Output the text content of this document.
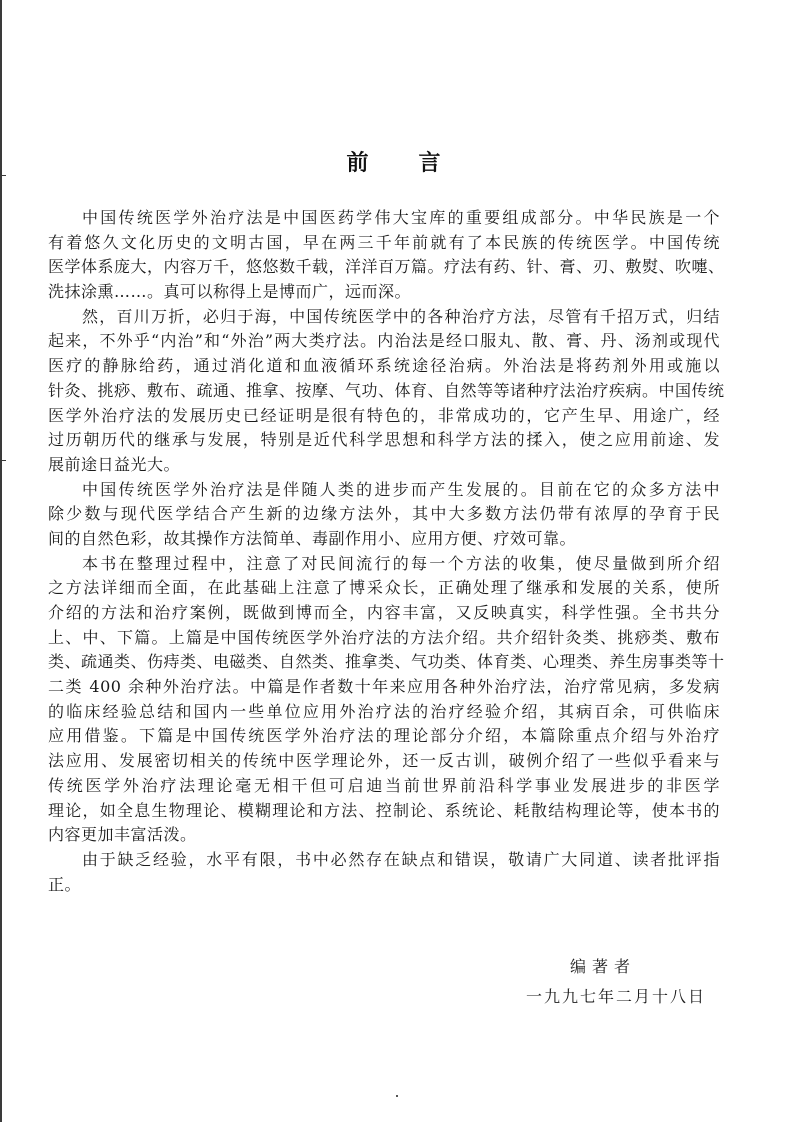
前 言
中国传统医学外治疗法是中国医药学伟大宝库的重要组成部分。中华民族是一个
有着悠久文化历史的文明古国，早在两三千年前就有了本民族的传统医学。中国传统
医学体系庞大，内容万千，悠悠数千载，洋洋百万篇。疗法有药、针、膏、刃、敷熨、吹嚏、
洗抹涂熏……。真可以称得上是博而广，远而深。
然，百川万折，必归于海，中国传统医学中的各种治疗方法，尽管有千招万式，归结
起来，不外乎“内治”和“外治”两大类疗法。内治法是经口服丸、散、膏、丹、汤剂或现代
医疗的静脉给药，通过消化道和血液循环系统途径治病。外治法是将药剂外用或施以
针灸、挑痧、敷布、疏通、推拿、按摩、气功、体育、自然等等诸种疗法治疗疾病。中国传统
医学外治疗法的发展历史已经证明是很有特色的，非常成功的，它产生早、用途广，经
过历朝历代的继承与发展，特别是近代科学思想和科学方法的揉入，使之应用前途、发
展前途日益光大。
中国传统医学外治疗法是伴随人类的进步而产生发展的。目前在它的众多方法中
除少数与现代医学结合产生新的边缘方法外，其中大多数方法仍带有浓厚的孕育于民
间的自然色彩，故其操作方法简单、毒副作用小、应用方便、疗效可靠。
本书在整理过程中，注意了对民间流行的每一个方法的收集，使尽量做到所介绍
之方法详细而全面，在此基础上注意了博采众长，正确处理了继承和发展的关系，使所
介绍的方法和治疗案例，既做到博而全，内容丰富，又反映真实，科学性强。全书共分
上、中、下篇。上篇是中国传统医学外治疗法的方法介绍。共介绍针灸类、挑痧类、敷布
类、疏通类、伤痔类、电磁类、自然类、推拿类、气功类、体育类、心理类、养生房事类等十
二类 400 余种外治疗法。中篇是作者数十年来应用各种外治疗法，治疗常见病，多发病
的临床经验总结和国内一些单位应用外治疗法的治疗经验介绍，其病百余，可供临床
应用借鉴。下篇是中国传统医学外治疗法的理论部分介绍，本篇除重点介绍与外治疗
法应用、发展密切相关的传统中医学理论外，还一反古训，破例介绍了一些似乎看来与
传统医学外治疗法理论毫无相干但可启迪当前世界前沿科学事业发展进步的非医学
理论，如全息生物理论、模糊理论和方法、控制论、系统论、耗散结构理论等，使本书的
内容更加丰富活泼。
由于缺乏经验，水平有限，书中必然存在缺点和错误，敬请广大同道、读者批评指
正。
编著者
一九九七年二月十八日
